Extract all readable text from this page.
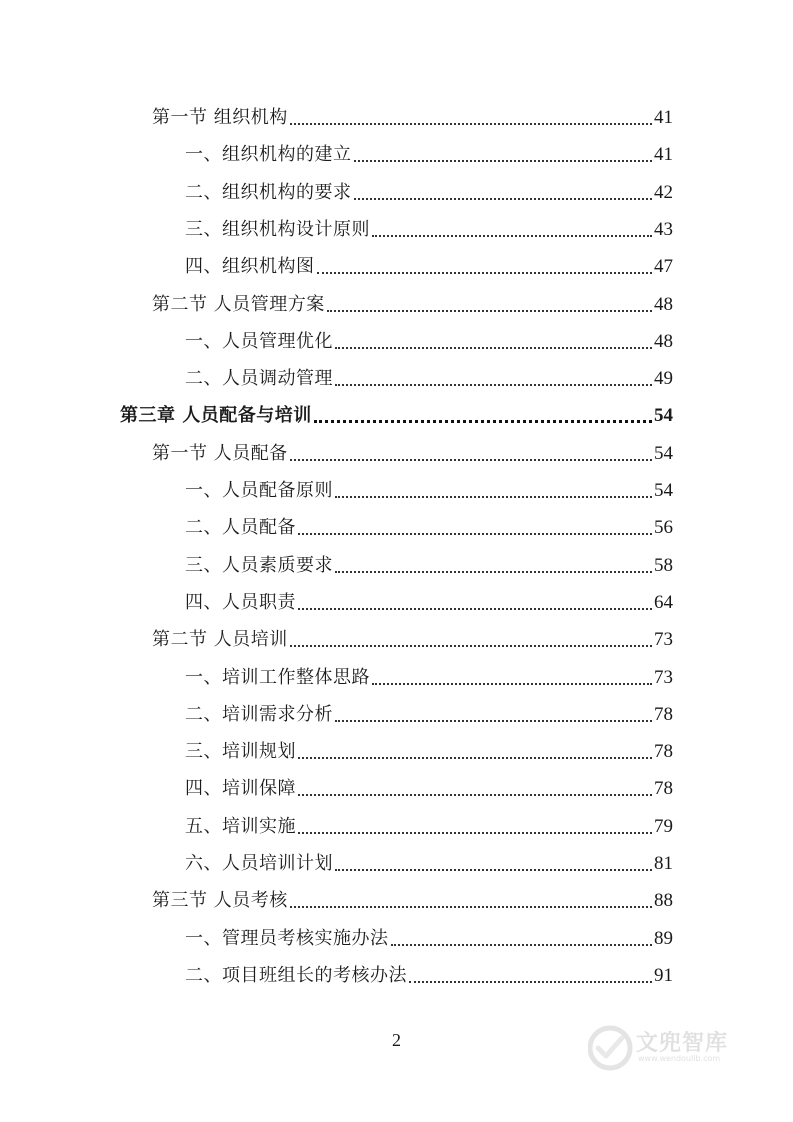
第一节 组织机构	41
一、组织机构的建立	41
二、组织机构的要求	42
三、组织机构设计原则	43
四、组织机构图	47
第二节 人员管理方案	48
一、人员管理优化	48
二、人员调动管理	49
第三章 人员配备与培训	54
第一节 人员配备	54
一、人员配备原则	54
二、人员配备	56
三、人员素质要求	58
四、人员职责	64
第二节 人员培训	73
一、培训工作整体思路	73
二、培训需求分析	78
三、培训规划	78
四、培训保障	78
五、培训实施	79
六、人员培训计划	81
第三节 人员考核	88
一、管理员考核实施办法	89
二、项目班组长的考核办法	91
2	文兜智库
www.wendoulib.com
